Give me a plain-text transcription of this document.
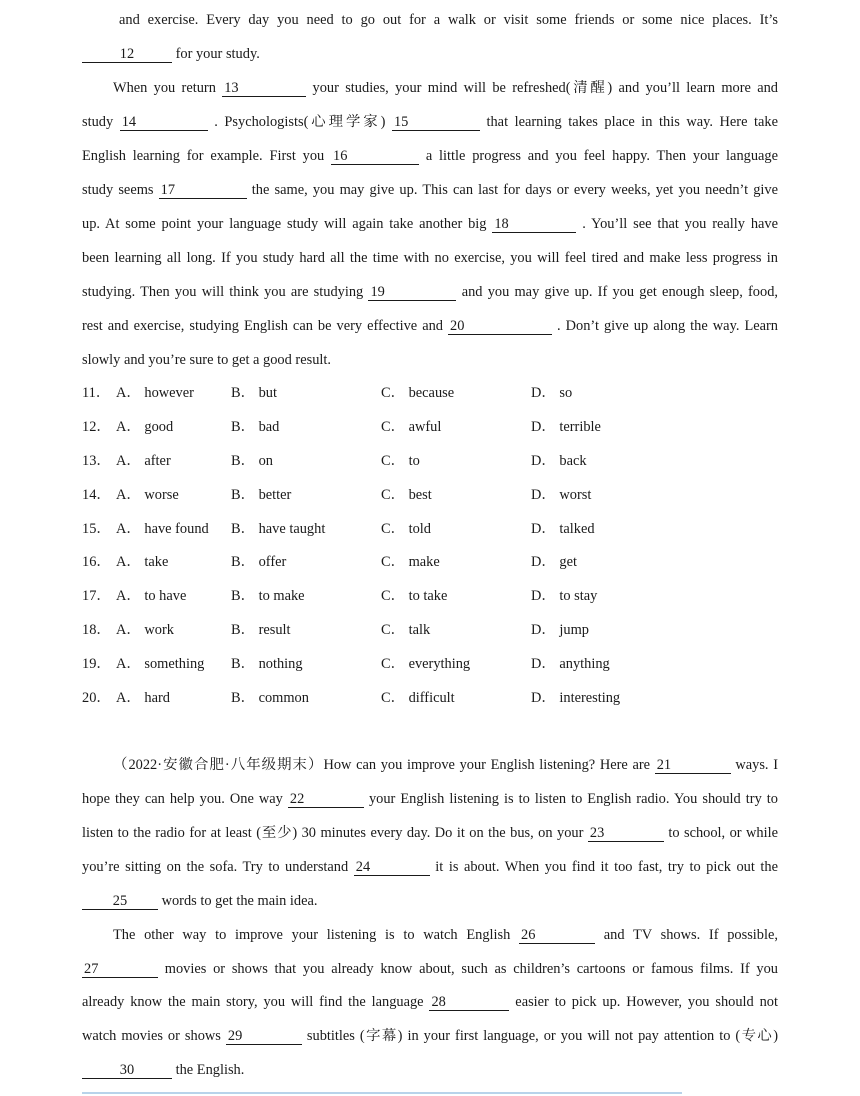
and exercise. Every day you need to go out for a walk or visit some friends or some nice places. It’s
12	for your study.
When you return 13	your studies, your mind will be refreshed(清醒) and you’ll learn more and
study 14	. Psychologists(心理学家) 15	that learning takes place in this way. Here take
English learning for example. First you 16	a little progress and you feel happy. Then your language
study seems 17	the same, you may give up. This can last for days or every weeks, yet you needn’t give
up. At some point your language study will again take another big 18	. You’ll see that you really have
been learning all long. If you study hard all the time with no exercise, you will feel tired and make less progress in
studying. Then you will think you are studying 19	and you may give up. If you get enough sleep, food,
rest and exercise, studying English can be very effective and 20	. Don’t give up along the way. Learn
slowly and you’re sure to get a good result.
11． A． however	B． but	C． because	D． so
12． A． good	B． bad	C． awful	D． terrible
13． A． after	B． on	C． to	D． back
14． A． worse	B． better	C． best	D． worst
15． A． have found B． have taught	C． told	D． talked
16． A． take	B． offer	C． make	D． get
17． A． to have	B． to make	C． to take	D． to stay
18． A． work	B． result	C． talk	D． jump
19． A． something B． nothing	C． everything	D． anything
20． A． hard	B． common	C． difficult	D． interesting
（2022·安徽合肥·八年级期末）How can you improve your English listening? Here are 21	ways. I
hope they can help you. One way 22	your English listening is to listen to English radio. You should try to
listen to the radio for at least (至少) 30 minutes every day. Do it on the bus, on your 23	to school, or while
you’re sitting on the sofa. Try to understand 24	it is about. When you find it too fast, try to pick out the
25 words to get the main idea.
The other way to improve your listening is to watch English 26	and TV shows. If possible,
27	movies or shows that you already know about, such as children’s cartoons or famous films. If you
already know the main story, you will find the language 28	easier to pick up. However, you should not
watch movies or shows 29	subtitles (字幕) in your first language, or you will not pay attention to (专心)
30	the English.
